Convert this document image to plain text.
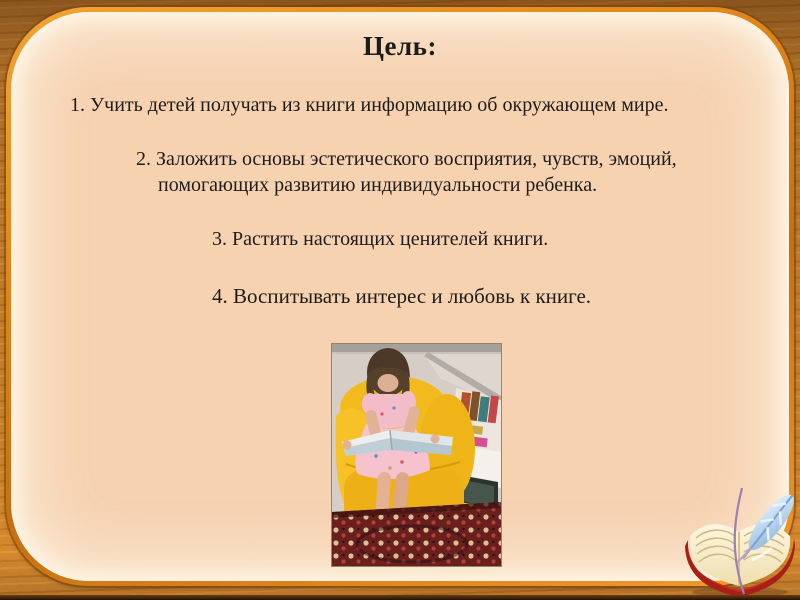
Цель:
1. Учить детей получать из книги информацию об окружающем мире.
2. Заложить основы эстетического восприятия, чувств, эмоций,
помогающих развитию индивидуальности ребенка.
3. Растить настоящих ценителей книги.
4. Воспитывать интерес и любовь к книге.
